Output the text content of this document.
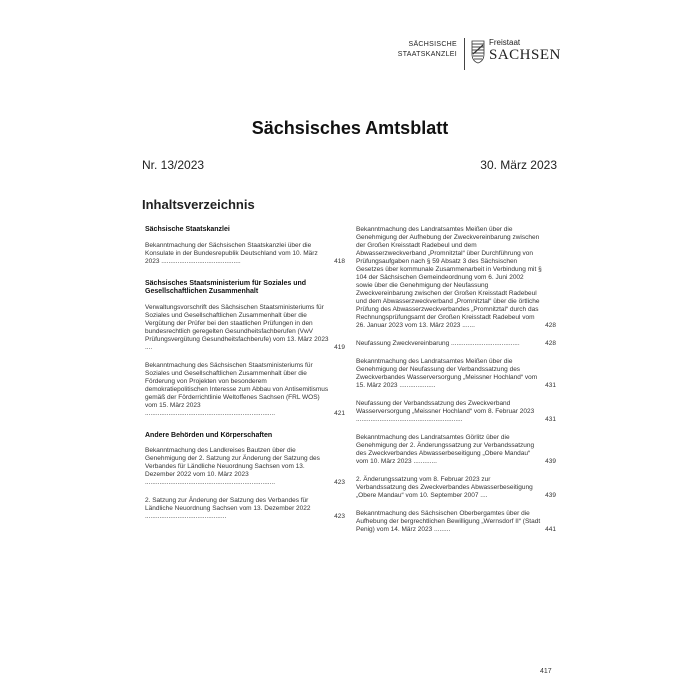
SÄCHSISCHE
STAATSKANZLEI
Freistaat
SACHSEN
Sächsisches Amtsblatt
Nr. 13/2023	30. März 2023
Inhaltsverzeichnis
Sächsische Staatskanzlei
Bekanntmachung der Sächsischen Staatskanzlei über die Konsulate in der Bundesrepublik Deutschland vom 10. März 2023 ............................................	418
Sächsisches Staatsministerium für Soziales und Gesellschaftlichen Zusammenhalt
Verwaltungsvorschrift des Sächsischen Staatsministeriums für Soziales und Gesellschaftlichen Zusammenhalt über die Vergütung der Prüfer bei den staatlichen Prüfungen in den bundesrechtlich geregelten Gesundheitsfachberufen (VwV Prüfungsvergütung Gesundheitsfachberufe) vom 13. März 2023 ....	419
Bekanntmachung des Sächsischen Staatsministeriums für Soziales und Gesellschaftlichen Zusammenhalt über die Förderung von Projekten von besonderem demokratiepolitischen Interesse zum Abbau von Antisemitismus gemäß der Förderrichtlinie Weltoffenes Sachsen (FRL WOS) vom 15. März 2023 ........................................................................	421
Andere Behörden und Körperschaften
Bekanntmachung des Landkreises Bautzen über die Genehmigung der 2. Satzung zur Änderung der Satzung des Verbandes für Ländliche Neuordnung Sachsen vom 13. Dezember 2022 vom 10. März 2023 ........................................................................	423
2. Satzung zur Änderung der Satzung des Verbandes für Ländliche Neuordnung Sachsen vom 13. Dezember 2022 .............................................	423
Bekanntmachung des Landratsamtes Meißen über die Genehmigung der Aufhebung der Zweckvereinbarung zwischen der Großen Kreisstadt Radebeul und dem Abwasserzweckverband „Promnitztal“ über Durchführung von Prüfungsaufgaben nach § 59 Absatz 3 des Sächsischen Gesetzes über kommunale Zusammenarbeit in Verbindung mit § 104 der Sächsischen Gemeindeordnung vom 6. Juni 2002 sowie über die Genehmigung der Neufassung Zweckvereinbarung zwischen der Großen Kreisstadt Radebeul und dem Abwasserzweckverband „Promnitztal“ über die örtliche Prüfung des Abwasserzweckverbandes „Promnitztal“ durch das Rechnungsprüfungsamt der Großen Kreisstadt Radebeul vom 26. Januar 2023 vom 13. März 2023 .......	428
Neufassung Zweckvereinbarung ......................................	428
Bekanntmachung des Landratsamtes Meißen über die Genehmigung der Neufassung der Verbandssatzung des Zweckverbandes Wasserversorgung „Meissner Hochland“ vom 15. März 2023 ....................	431
Neufassung der Verbandssatzung des Zweckverband Wasserversorgung „Meissner Hochland“ vom 8. Februar 2023 ...........................................................	431
Bekanntmachung des Landratsamtes Görlitz über die Genehmigung der 2. Änderungssatzung zur Verbandssatzung des Zweckverbandes Abwasserbeseitigung „Obere Mandau“ vom 10. März 2023 .............	439
2. Änderungssatzung vom 8. Februar 2023 zur Verbandssatzung des Zweckverbandes Abwasserbeseitigung „Obere Mandau“ vom 10. September 2007 ....	439
Bekanntmachung des Sächsischen Oberbergamtes über die Aufhebung der bergrechtlichen Bewilligung „Wernsdorf II“ (Stadt Penig) vom 14. März 2023 .........	441
417
